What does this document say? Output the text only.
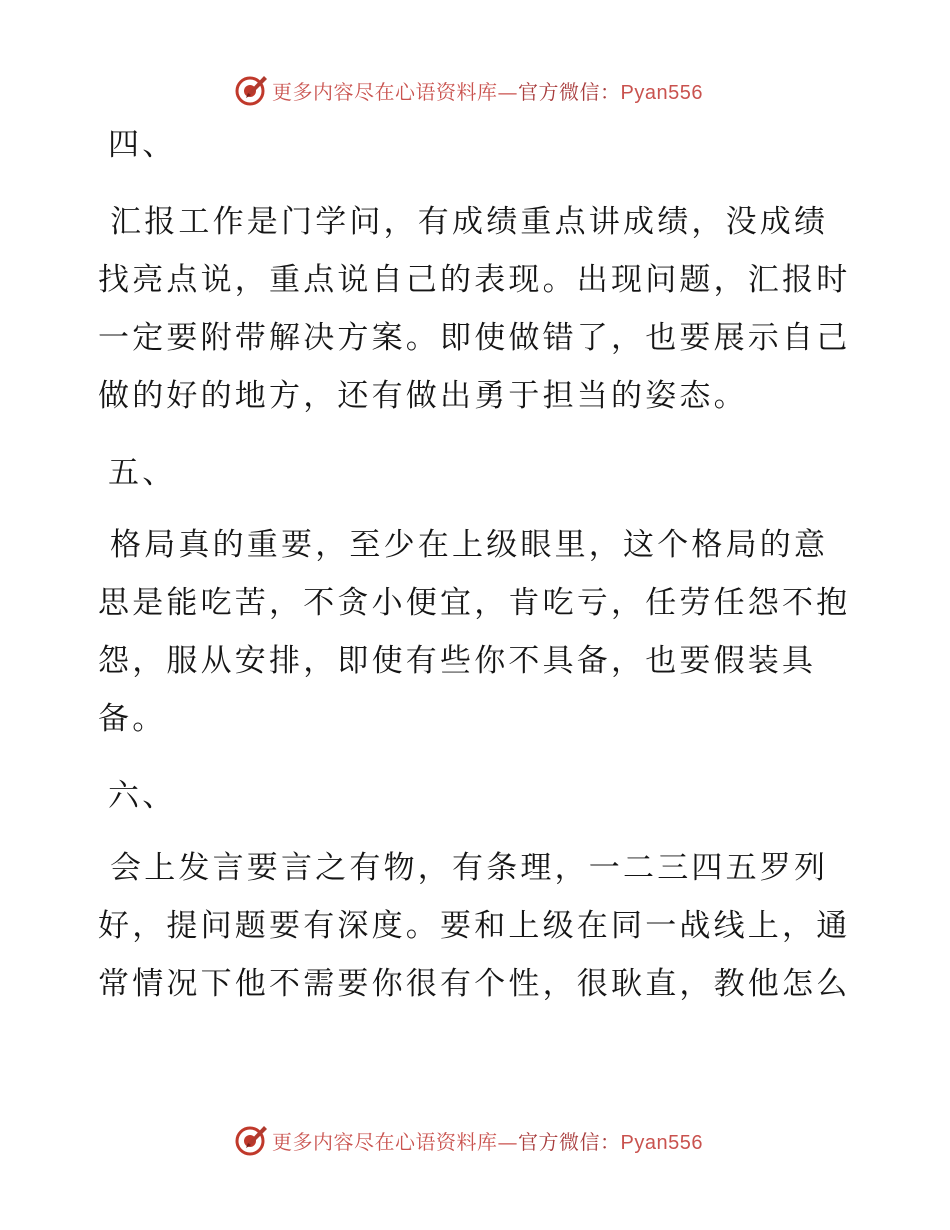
更多内容尽在心语资料库—官方微信：Pyan556
四、
汇报工作是门学问，有成绩重点讲成绩，没成绩
找亮点说，重点说自己的表现。出现问题，汇报时
一定要附带解决方案。即使做错了，也要展示自己
做的好的地方，还有做出勇于担当的姿态。
五、
格局真的重要，至少在上级眼里，这个格局的意
思是能吃苦，不贪小便宜，肯吃亏，任劳任怨不抱
怨，服从安排，即使有些你不具备，也要假装具
备。
六、
会上发言要言之有物，有条理，一二三四五罗列
好，提问题要有深度。要和上级在同一战线上，通
常情况下他不需要你很有个性，很耿直，教他怎么
更多内容尽在心语资料库—官方微信：Pyan556
